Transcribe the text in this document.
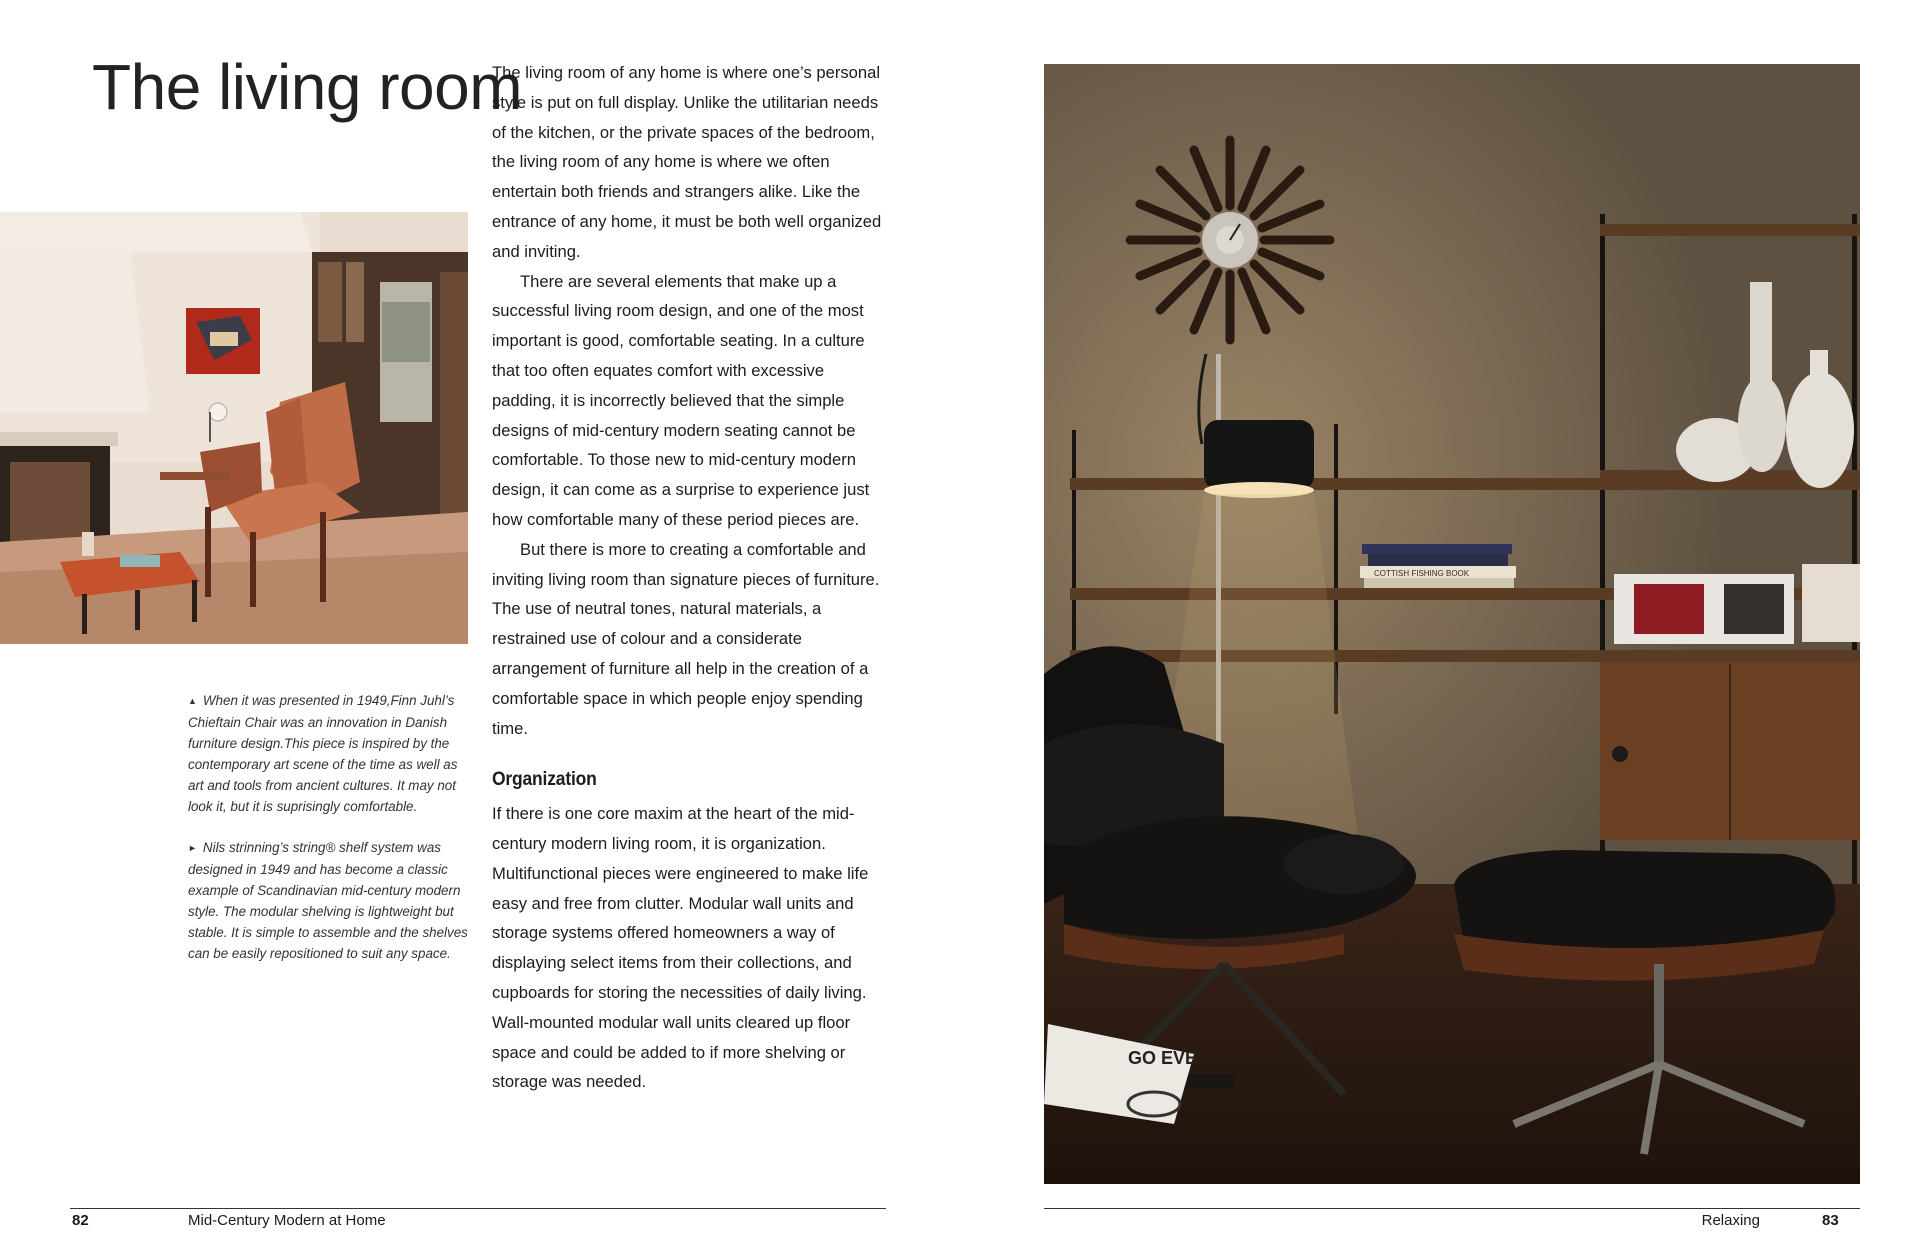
The living room

▲ When it was presented in 1949,Finn Juhl’s Chieftain Chair was an innovation in Danish furniture design.This piece is inspired by the contemporary art scene of the time as well as art and tools from ancient cultures. It may not look it, but it is suprisingly comfortable.

► Nils strinning’s string® shelf system was designed in 1949 and has become a classic example of Scandinavian mid-century modern style. The modular shelving is lightweight but stable. It is simple to assemble and the shelves can be easily repositioned to suit any space.

The living room of any home is where one’s personal style is put on full display. Unlike the utilitarian needs of the kitchen, or the private spaces of the bedroom, the living room of any home is where we often entertain both friends and strangers alike. Like the entrance of any home, it must be both well organized and inviting.

There are several elements that make up a successful living room design, and one of the most important is good, comfortable seating. In a culture that too often equates comfort with excessive padding, it is incorrectly believed that the simple designs of mid-century modern seating cannot be comfortable. To those new to mid-century modern design, it can come as a surprise to experience just how comfortable many of these period pieces are.

But there is more to creating a comfortable and inviting living room than signature pieces of furniture. The use of neutral tones, natural materials, a restrained use of colour and a considerate arrangement of furniture all help in the creation of a comfortable space in which people enjoy spending time.

Organization

If there is one core maxim at the heart of the mid-century modern living room, it is organization. Multifunctional pieces were engineered to make life easy and free from clutter. Modular wall units and storage systems offered homeowners a way of displaying select items from their collections, and cupboards for storing the necessities of daily living. Wall-mounted modular wall units cleared up floor space and could be added to if more shelving or storage was needed.

82	Mid-Century Modern at Home
COTTISH FISHING BOOK
GO EVE
Relaxing	83
